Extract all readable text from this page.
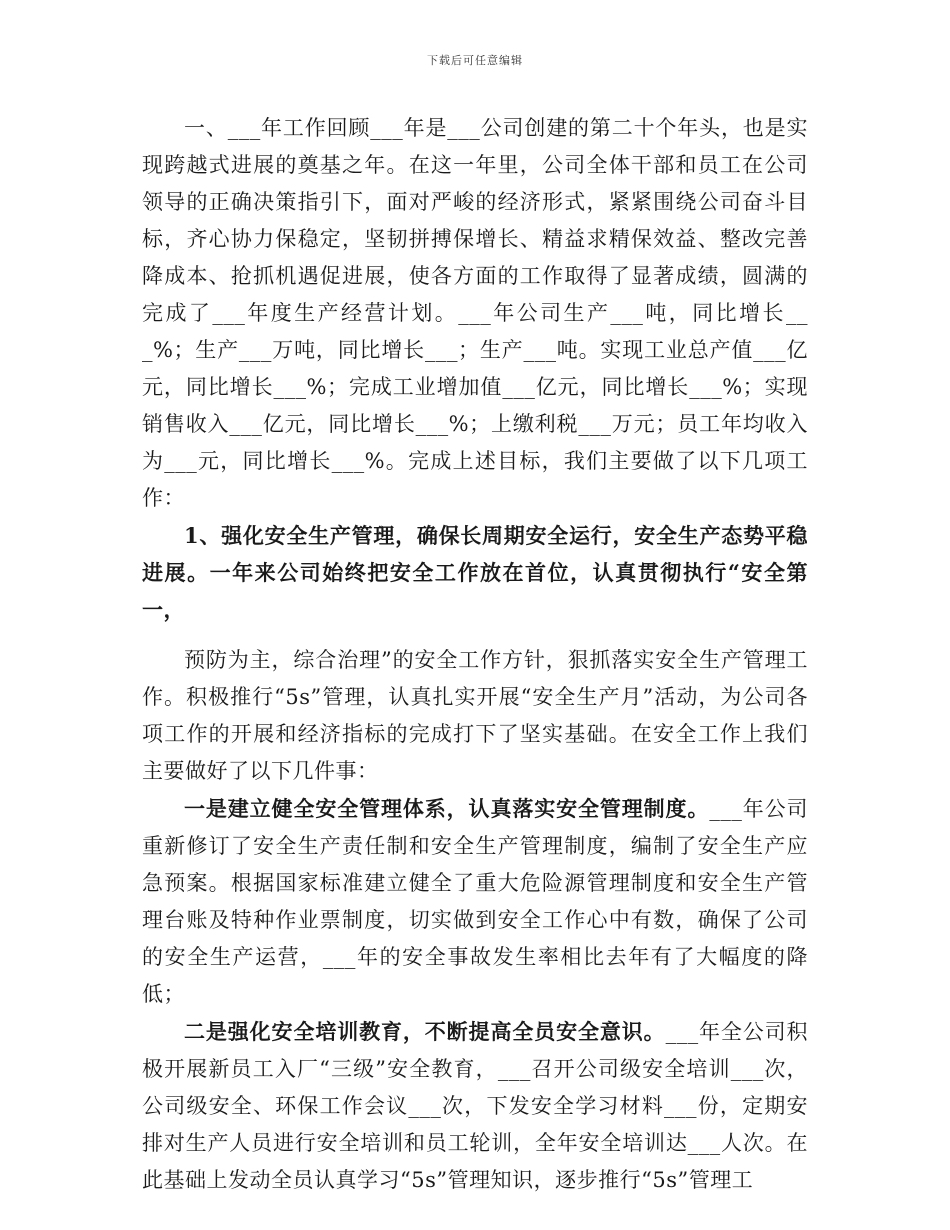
下载后可任意编辑

一、___年工作回顾___年是___公司创建的第二十个年头，也是实现跨越式进展的奠基之年。在这一年里，公司全体干部和员工在公司领导的正确决策指引下，面对严峻的经济形式，紧紧围绕公司奋斗目标，齐心协力保稳定，坚韧拼搏保增长、精益求精保效益、整改完善降成本、抢抓机遇促进展，使各方面的工作取得了显著成绩，圆满的完成了___年度生产经营计划。___年公司生产___吨，同比增长___%；生产___万吨，同比增长___；生产___吨。实现工业总产值___亿元，同比增长___%；完成工业增加值___亿元，同比增长___%；实现销售收入___亿元，同比增长___%；上缴利税___万元；员工年均收入为___元，同比增长___%。完成上述目标，我们主要做了以下几项工作：

1、强化安全生产管理，确保长周期安全运行，安全生产态势平稳进展。一年来公司始终把安全工作放在首位，认真贯彻执行“安全第一，

预防为主，综合治理”的安全工作方针，狠抓落实安全生产管理工作。积极推行“5s”管理，认真扎实开展“安全生产月”活动，为公司各项工作的开展和经济指标的完成打下了坚实基础。在安全工作上我们主要做好了以下几件事：

一是建立健全安全管理体系，认真落实安全管理制度。___年公司重新修订了安全生产责任制和安全生产管理制度，编制了安全生产应急预案。根据国家标准建立健全了重大危险源管理制度和安全生产管理台账及特种作业票制度，切实做到安全工作心中有数，确保了公司的安全生产运营，___年的安全事故发生率相比去年有了大幅度的降低；

二是强化安全培训教育，不断提高全员安全意识。___年全公司积极开展新员工入厂“三级”安全教育，___召开公司级安全培训___次，公司级安全、环保工作会议___次，下发安全学习材料___份，定期安排对生产人员进行安全培训和员工轮训，全年安全培训达___人次。在此基础上发动全员认真学习“5s”管理知识，逐步推行“5s”管理工
